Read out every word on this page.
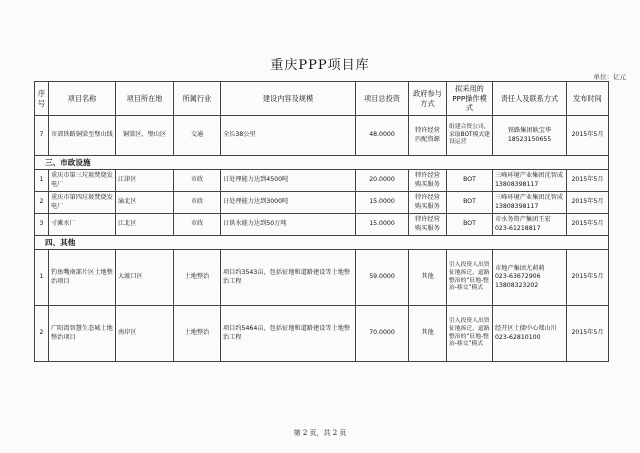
重庆PPP项目库
单位：亿元
序号	项目名称	项目所在地	所属行业	建设内容及规模	项目总投资	政府参与方式	拟采用的PPP操作模式	责任人及联系方式	发布时间
7	市郊铁路铜梁至璧山线	铜梁区、璧山区	交通	全长38公里	48.0000	特许经营　　匹配资源	组建合资公司，采取BOT模式建设运营	铁路集团耿宝华　　18523150655	2015年5月
三、市政设施									
1	重庆市第三垃圾焚烧发电厂	江津区	市政	日处理能力达到4500吨	20.0000	特许经营　　购买服务	BOT	三峰环境产业集团沈智成　　13808398117	2015年5月
2	重庆市第四垃圾焚烧发电厂	渝北区	市政	日处理能力达到3000吨	15.0000	特许经营　　购买服务	BOT	三峰环境产业集团沈智成　　13808398117	2015年5月
3	寸滩水厂	江北区	市政	日供水能力达到50万吨	15.0000	特许经营　　购买服务	BOT	市水务资产集团王宏　023-61218817	2015年5月
四、其他									
1	钓鱼嘴南部片区土地整治项目	大渡口区	土地整治	项目约3543亩，包括征地和道路建设等土地整治工程	59.0000	其他	引入投资人出资征地拆迁、道路整治的“征地-整治-移交”模式	市地产集团尤莉莉　　023-63672906　　13808323202	2015年5月
2	广阳湾智慧生态城土地整治项目	南岸区	土地整治	项目约5464亩，包括征地和道路建设等土地整治工程	70.0000	其他	引入投资人出资征地拆迁、道路整治的“征地-整治-移交”模式	经开区土储中心郑山川　　023-62810100	2015年5月
第 2 页，共 2 页
